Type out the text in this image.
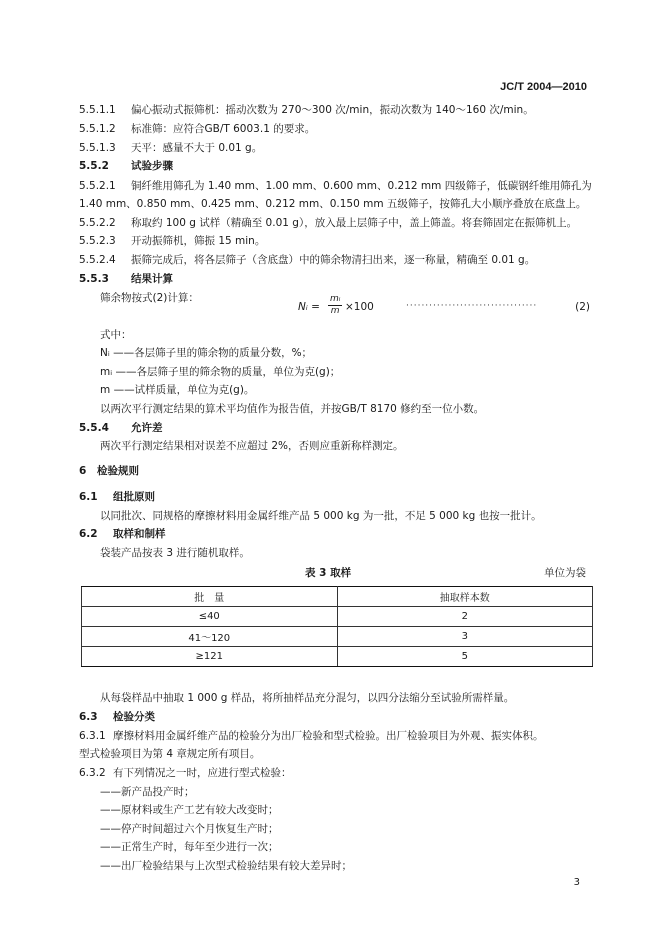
JC/T 2004—2010
5.5.1.1 偏心振动式振筛机：摇动次数为 270～300 次/min，振动次数为 140～160 次/min。
5.5.1.2 标准筛：应符合GB/T 6003.1 的要求。
5.5.1.3 天平：感量不大于 0.01 g。
5.5.2 试验步骤
5.5.2.1 铜纤维用筛孔为 1.40 mm、1.00 mm、0.600 mm、0.212 mm 四级筛子，低碳钢纤维用筛孔为
1.40 mm、0.850 mm、0.425 mm、0.212 mm、0.150 mm 五级筛子，按筛孔大小顺序叠放在底盘上。
5.5.2.2 称取约 100 g 试样（精确至 0.01 g），放入最上层筛子中，盖上筛盖。将套筛固定在振筛机上。
5.5.2.3 开动振筛机，筛振 15 min。
5.5.2.4 振筛完成后，将各层筛子（含底盘）中的筛余物清扫出来，逐一称量，精确至 0.01 g。
5.5.3 结果计算
筛余物按式(2)计算：
Nᵢ = $\frac{\text{mᵢ}}{m} \times 100$	··································	(2)
式中：
Nᵢ ——各层筛子里的筛余物的质量分数，%；
mᵢ ——各层筛子里的筛余物的质量，单位为克(g)；
m ——试样质量，单位为克(g)。
以两次平行测定结果的算术平均值作为报告值，并按GB/T 8170 修约至一位小数。
5.5.4 允许差
两次平行测定结果相对误差不应超过 2%，否则应重新称样测定。
6 检验规则
6.1 组批原则
以同批次、同规格的摩擦材料用金属纤维产品 5 000 kg 为一批，不足 5 000 kg 也按一批计。
6.2 取样和制样
袋装产品按表 3 进行随机取样。
表 3 取样	单位为袋
批　量	抽取样本数
≤40	2
41～120	3
≥121	5
从每袋样品中抽取 1 000 g 样品，将所抽样品充分混匀，以四分法缩分至试验所需样量。
6.3 检验分类
6.3.1 摩擦材料用金属纤维产品的检验分为出厂检验和型式检验。出厂检验项目为外观、振实体积。
型式检验项目为第 4 章规定所有项目。
6.3.2 有下列情况之一时，应进行型式检验：
——新产品投产时；
——原材料或生产工艺有较大改变时；
——停产时间超过六个月恢复生产时；
——正常生产时，每年至少进行一次；
——出厂检验结果与上次型式检验结果有较大差异时；
3
